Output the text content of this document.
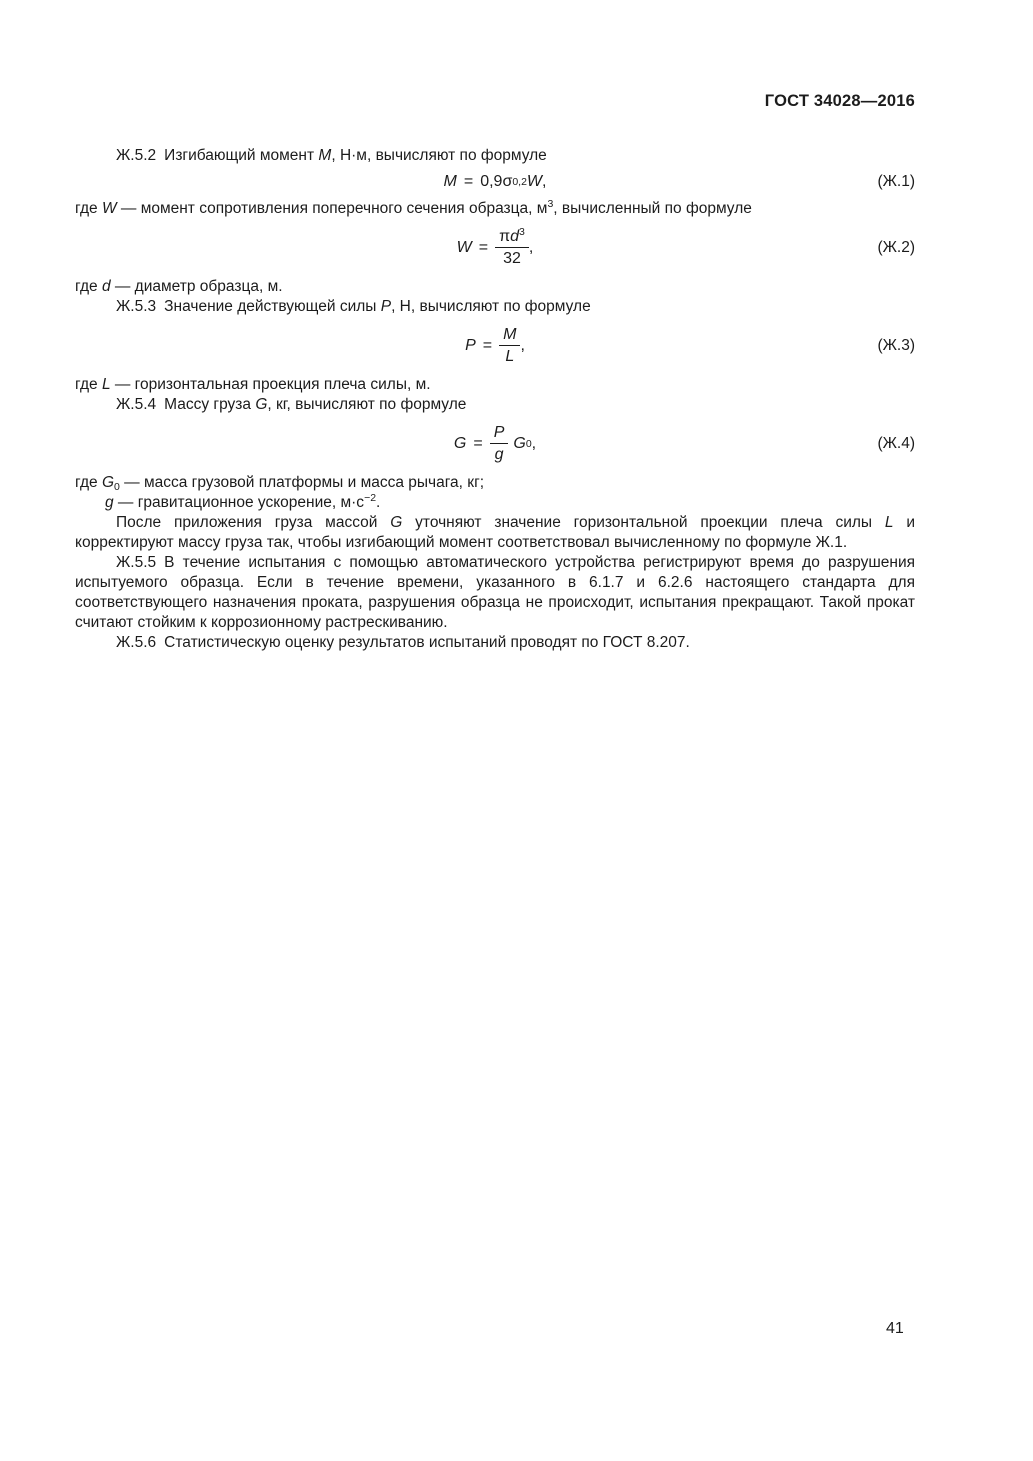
ГОСТ 34028—2016

Ж.5.2 Изгибающий момент M, Н·м, вычисляют по формуле

M = 0,9 σ 0,2 W ,	(Ж.1)

где W — момент сопротивления поперечного сечения образца, $м^3$, вычисленный по формуле

$W = \frac{\pi d^3}{32}$ ,	(Ж.2)

где d — диаметр образца, м.

Ж.5.3 Значение действующей силы P, Н, вычисляют по формуле

$P = \frac{M}{L}$ ,	(Ж.3)

где L — горизонтальная проекция плеча силы, м.

Ж.5.4 Массу груза G, кг, вычисляют по формуле

$G = \frac{P}{g}$ G 0 ,	(Ж.4)

где $G_0$ — масса грузовой платформы и масса рычага, кг;

g — гравитационное ускорение, $м\cdot с^{-2}$.

После приложения груза массой G уточняют значение горизонтальной проекции плеча силы L и корректируют массу груза так, чтобы изгибающий момент соответствовал вычисленному по формуле Ж.1.

Ж.5.5 В течение испытания с помощью автоматического устройства регистрируют время до разрушения испытуемого образца. Если в течение времени, указанного в 6.1.7 и 6.2.6 настоящего стандарта для соответствующего назначения проката, разрушения образца не происходит, испытания прекращают. Такой прокат считают стойким к коррозионному растрескиванию.

Ж.5.6 Статистическую оценку результатов испытаний проводят по ГОСТ 8.207.

41
